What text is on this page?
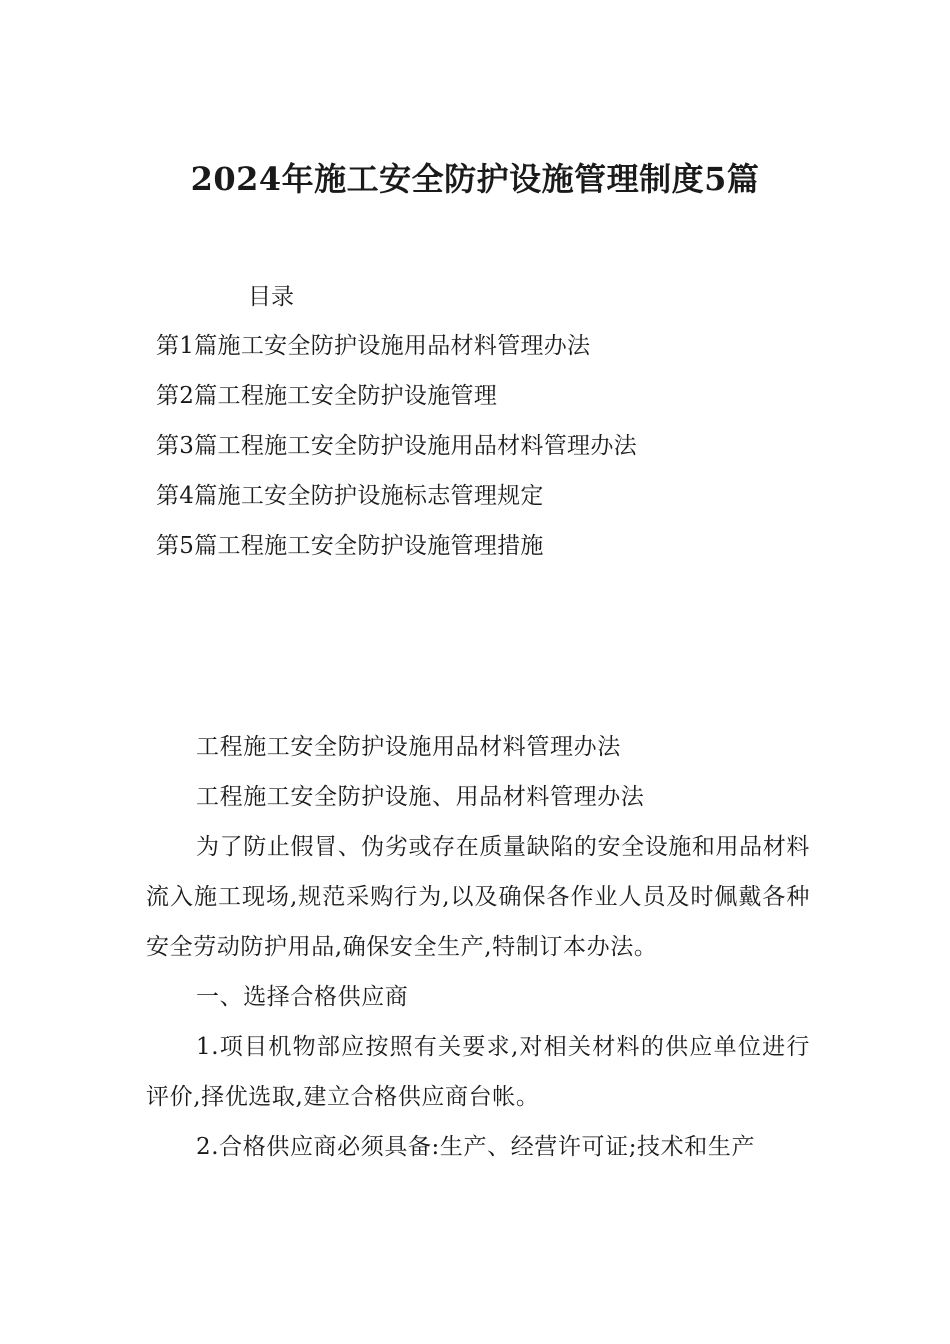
2024年施工安全防护设施管理制度5篇
目录
第1篇施工安全防护设施用品材料管理办法
第2篇工程施工安全防护设施管理
第3篇工程施工安全防护设施用品材料管理办法
第4篇施工安全防护设施标志管理规定
第5篇工程施工安全防护设施管理措施

工程施工安全防护设施用品材料管理办法

工程施工安全防护设施、用品材料管理办法

为了防止假冒、伪劣或存在质量缺陷的安全设施和用品材料流入施工现场,规范采购行为,以及确保各作业人员及时佩戴各种安全劳动防护用品,确保安全生产,特制订本办法。

一、选择合格供应商

1.项目机物部应按照有关要求,对相关材料的供应单位进行评价,择优选取,建立合格供应商台帐。

2.合格供应商必须具备:生产、经营许可证;技术和生产
